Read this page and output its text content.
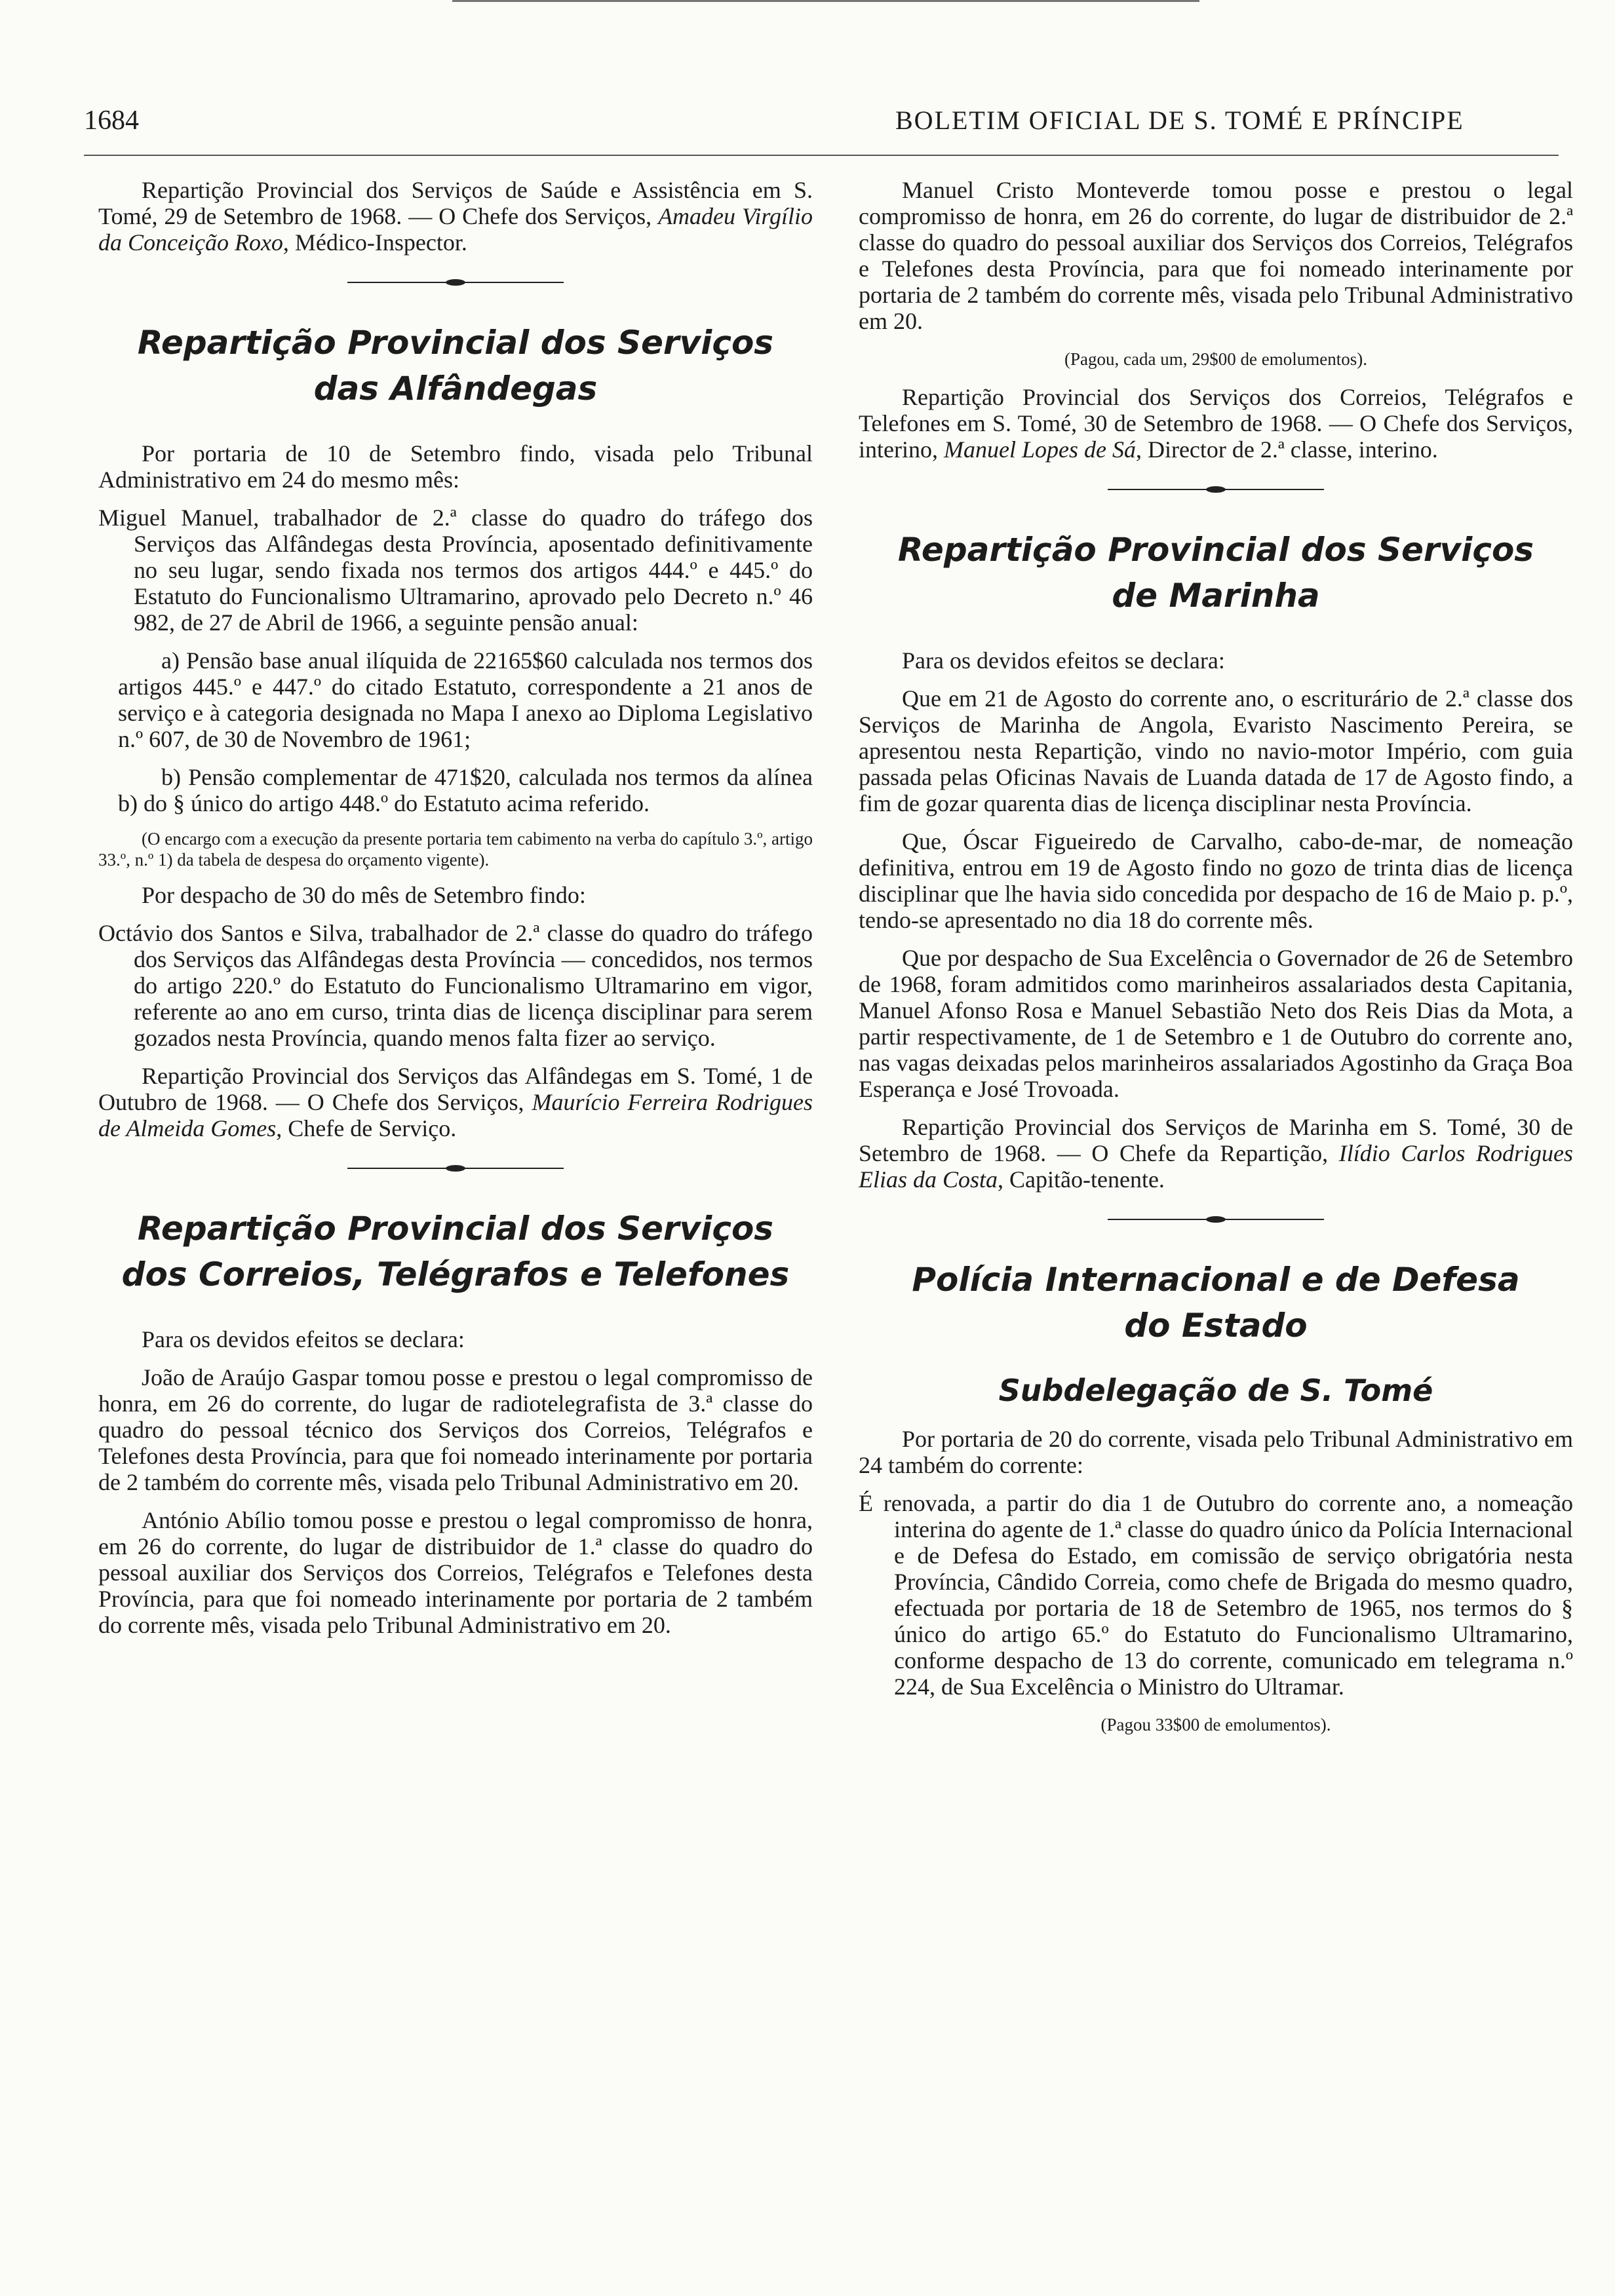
1684	BOLETIM OFICIAL DE S. TOMÉ E PRÍNCIPE

Repartição Provincial dos Serviços de Saúde e Assistência em S. Tomé, 29 de Setembro de 1968. — O Chefe dos Serviços, Amadeu Virgílio da Conceição Roxo, Médico-Inspector.

Repartição Provincial dos Serviços
das Alfândegas

Por portaria de 10 de Setembro findo, visada pelo Tribunal Administrativo em 24 do mesmo mês:

Miguel Manuel, trabalhador de 2.ª classe do quadro do tráfego dos Serviços das Alfândegas desta Província, aposentado definitivamente no seu lugar, sendo fixada nos termos dos artigos 444.º e 445.º do Estatuto do Funcionalismo Ultramarino, aprovado pelo Decreto n.º 46 982, de 27 de Abril de 1966, a seguinte pensão anual:

a) Pensão base anual ilíquida de 22165$60 calculada nos termos dos artigos 445.º e 447.º do citado Estatuto, correspondente a 21 anos de serviço e à categoria designada no Mapa I anexo ao Diploma Legislativo n.º 607, de 30 de Novembro de 1961;

b) Pensão complementar de 471$20, calculada nos termos da alínea b) do § único do artigo 448.º do Estatuto acima referido.

(O encargo com a execução da presente portaria tem cabimento na verba do capítulo 3.º, artigo 33.º, n.º 1) da tabela de despesa do orçamento vigente).

Por despacho de 30 do mês de Setembro findo:

Octávio dos Santos e Silva, trabalhador de 2.ª classe do quadro do tráfego dos Serviços das Alfândegas desta Província — concedidos, nos termos do artigo 220.º do Estatuto do Funcionalismo Ultramarino em vigor, referente ao ano em curso, trinta dias de licença disciplinar para serem gozados nesta Província, quando menos falta fizer ao serviço.

Repartição Provincial dos Serviços das Alfândegas em S. Tomé, 1 de Outubro de 1968. — O Chefe dos Serviços, Maurício Ferreira Rodrigues de Almeida Gomes, Chefe de Serviço.

Repartição Provincial dos Serviços
dos Correios, Telégrafos e Telefones

Para os devidos efeitos se declara:

João de Araújo Gaspar tomou posse e prestou o legal compromisso de honra, em 26 do corrente, do lugar de radiotelegrafista de 3.ª classe do quadro do pessoal técnico dos Serviços dos Correios, Telégrafos e Telefones desta Província, para que foi nomeado interinamente por portaria de 2 também do corrente mês, visada pelo Tribunal Administrativo em 20.

António Abílio tomou posse e prestou o legal compromisso de honra, em 26 do corrente, do lugar de distribuidor de 1.ª classe do quadro do pessoal auxiliar dos Serviços dos Correios, Telégrafos e Telefones desta Província, para que foi nomeado interinamente por portaria de 2 também do corrente mês, visada pelo Tribunal Administrativo em 20.

Manuel Cristo Monteverde tomou posse e prestou o legal compromisso de honra, em 26 do corrente, do lugar de distribuidor de 2.ª classe do quadro do pessoal auxiliar dos Serviços dos Correios, Telégrafos e Telefones desta Província, para que foi nomeado interinamente por portaria de 2 também do corrente mês, visada pelo Tribunal Administrativo em 20.

(Pagou, cada um, 29$00 de emolumentos).

Repartição Provincial dos Serviços dos Correios, Telégrafos e Telefones em S. Tomé, 30 de Setembro de 1968. — O Chefe dos Serviços, interino, Manuel Lopes de Sá, Director de 2.ª classe, interino.

Repartição Provincial dos Serviços
de Marinha

Para os devidos efeitos se declara:

Que em 21 de Agosto do corrente ano, o escriturário de 2.ª classe dos Serviços de Marinha de Angola, Evaristo Nascimento Pereira, se apresentou nesta Repartição, vindo no navio-motor Império, com guia passada pelas Oficinas Navais de Luanda datada de 17 de Agosto findo, a fim de gozar quarenta dias de licença disciplinar nesta Província.

Que, Óscar Figueiredo de Carvalho, cabo-de-mar, de nomeação definitiva, entrou em 19 de Agosto findo no gozo de trinta dias de licença disciplinar que lhe havia sido concedida por despacho de 16 de Maio p. p.º, tendo-se apresentado no dia 18 do corrente mês.

Que por despacho de Sua Excelência o Governador de 26 de Setembro de 1968, foram admitidos como marinheiros assalariados desta Capitania, Manuel Afonso Rosa e Manuel Sebastião Neto dos Reis Dias da Mota, a partir respectivamente, de 1 de Setembro e 1 de Outubro do corrente ano, nas vagas deixadas pelos marinheiros assalariados Agostinho da Graça Boa Esperança e José Trovoada.

Repartição Provincial dos Serviços de Marinha em S. Tomé, 30 de Setembro de 1968. — O Chefe da Repartição, Ilídio Carlos Rodrigues Elias da Costa, Capitão-tenente.

Polícia Internacional e de Defesa
do Estado
Subdelegação de S. Tomé

Por portaria de 20 do corrente, visada pelo Tribunal Administrativo em 24 também do corrente:

É renovada, a partir do dia 1 de Outubro do corrente ano, a nomeação interina do agente de 1.ª classe do quadro único da Polícia Internacional e de Defesa do Estado, em comissão de serviço obrigatória nesta Província, Cândido Correia, como chefe de Brigada do mesmo quadro, efectuada por portaria de 18 de Setembro de 1965, nos termos do § único do artigo 65.º do Estatuto do Funcionalismo Ultramarino, conforme despacho de 13 do corrente, comunicado em telegrama n.º 224, de Sua Excelência o Ministro do Ultramar.

(Pagou 33$00 de emolumentos).
